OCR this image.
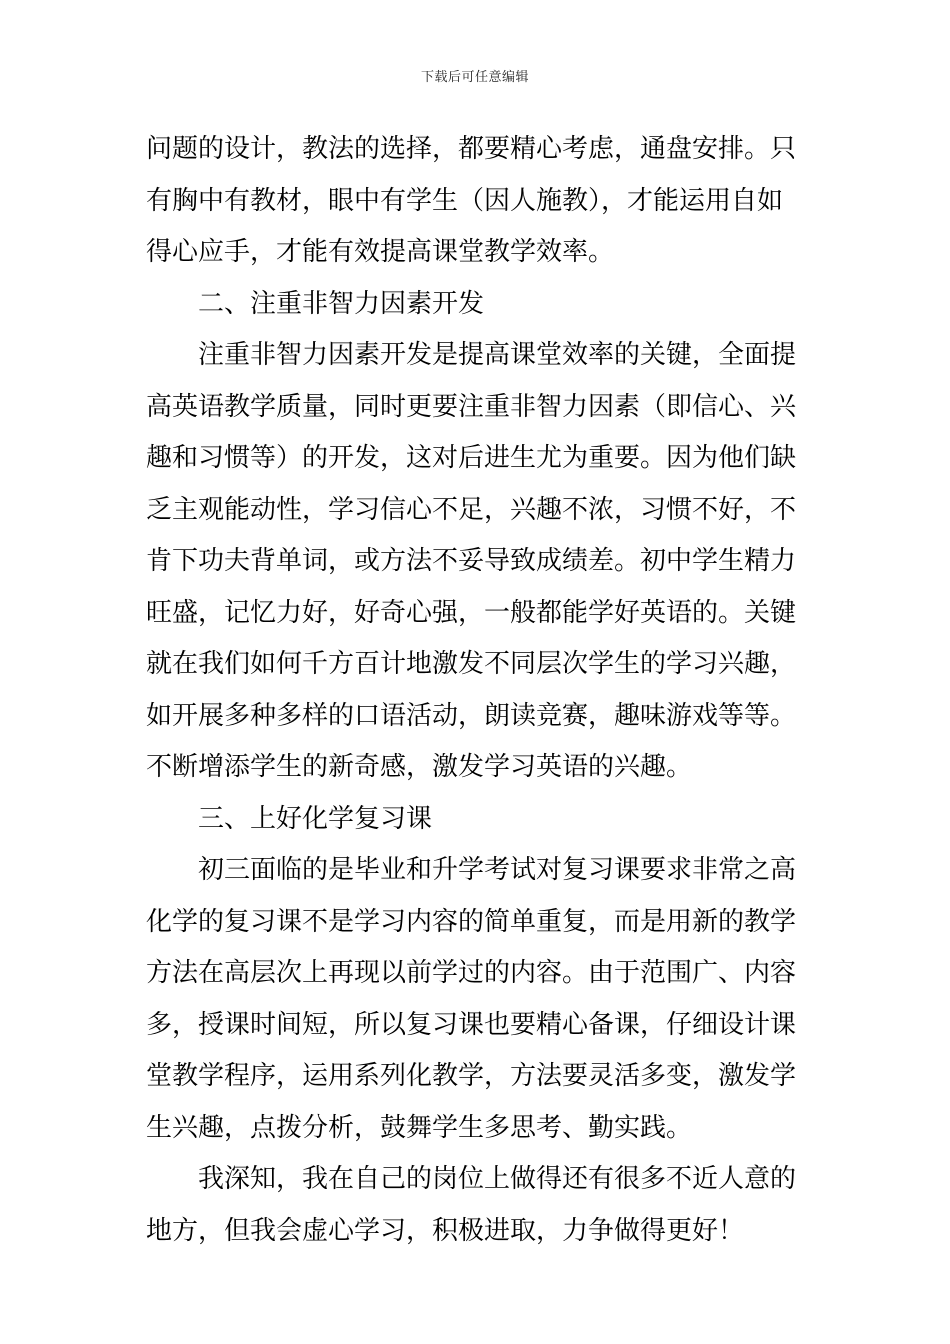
下载后可任意编辑
问题的设计，教法的选择，都要精心考虑，通盘安排。只
有胸中有教材，眼中有学生（因人施教），才能运用自如
得心应手，才能有效提高课堂教学效率。
二、注重非智力因素开发
注重非智力因素开发是提高课堂效率的关键，全面提
高英语教学质量，同时更要注重非智力因素（即信心、兴
趣和习惯等）的开发，这对后进生尤为重要。因为他们缺
乏主观能动性，学习信心不足，兴趣不浓，习惯不好，不
肯下功夫背单词，或方法不妥导致成绩差。初中学生精力
旺盛，记忆力好，好奇心强，一般都能学好英语的。关键
就在我们如何千方百计地激发不同层次学生的学习兴趣，
如开展多种多样的口语活动，朗读竞赛，趣味游戏等等。
不断增添学生的新奇感，激发学习英语的兴趣。
三、上好化学复习课
初三面临的是毕业和升学考试对复习课要求非常之高
化学的复习课不是学习内容的简单重复，而是用新的教学
方法在高层次上再现以前学过的内容。由于范围广、内容
多，授课时间短，所以复习课也要精心备课，仔细设计课
堂教学程序，运用系列化教学，方法要灵活多变，激发学
生兴趣，点拨分析，鼓舞学生多思考、勤实践。
我深知，我在自己的岗位上做得还有很多不近人意的
地方，但我会虚心学习，积极进取，力争做得更好！
